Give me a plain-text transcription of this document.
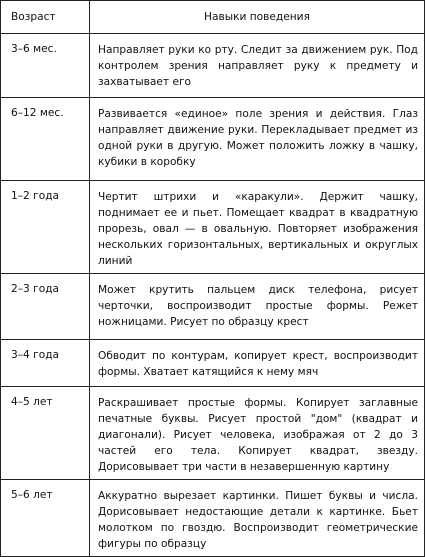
Возраст	Навыки поведения
3–6 мес.	Направляет руки ко рту. Следит за движением рук. Под контролем зрения направляет руку к предмету и захватывает его
6–12 мес.	Развивается «единое» поле зрения и действия. Глаз направляет движение руки. Перекладывает предмет из одной руки в другую. Может положить ложку в чашку, кубики в коробку
1–2 года	Чертит штрихи и «каракули». Держит чашку, поднимает ее и пьет. Помещает квадрат в квадратную прорезь, овал — в овальную. Повторяет изображения нескольких горизонтальных, вертикальных и округлых линий
2–3 года	Может крутить пальцем диск телефона, рисует черточки, воспроизводит простые формы. Режет ножницами. Рисует по образцу крест
3–4 года	Обводит по контурам, копирует крест, воспроизводит формы. Хватает катящийся к нему мяч
4–5 лет	Раскрашивает простые формы. Копирует заглавные печатные буквы. Рисует простой "дом" (квадрат и диагонали). Рисует человека, изображая от 2 до 3 частей его тела. Копирует квадрат, звезду. Дорисовывает три части в незавершенную картину
5–6 лет	Аккуратно вырезает картинки. Пишет буквы и числа. Дорисовывает недостающие детали к картинке. Бьет молотком по гвоздю. Воспроизводит геометрические фигуры по образцу
